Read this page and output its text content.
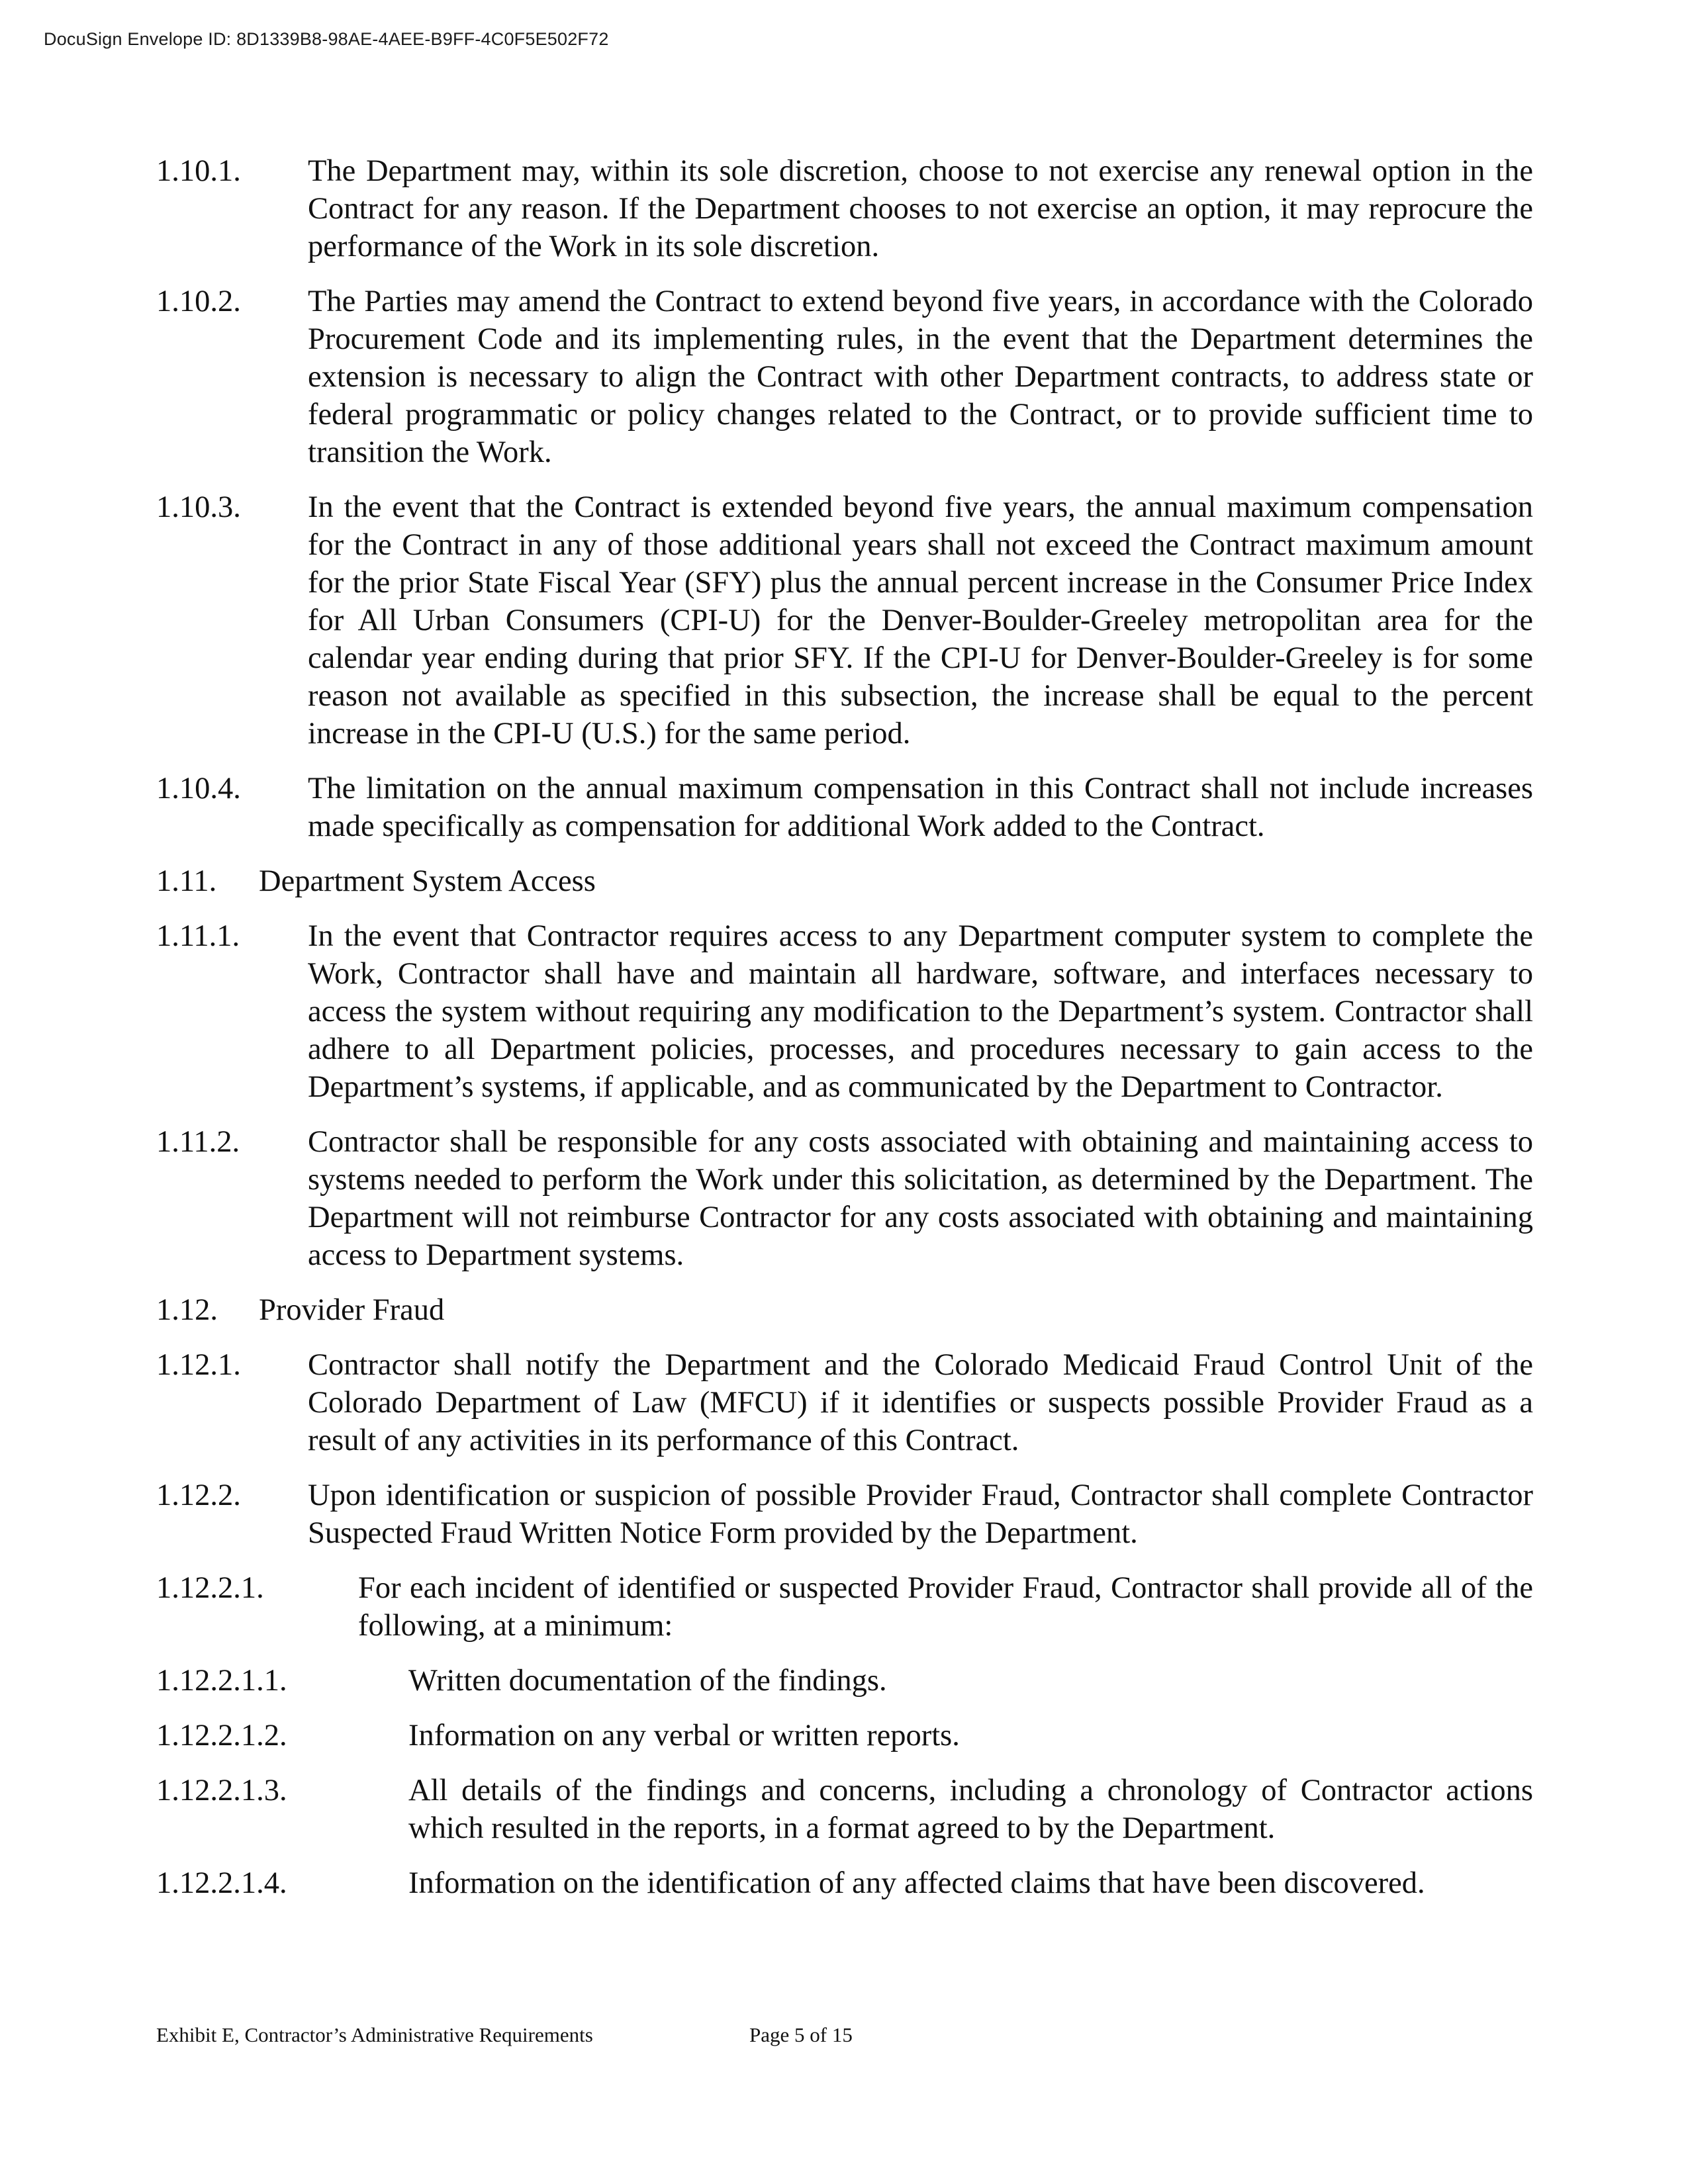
DocuSign Envelope ID: 8D1339B8-98AE-4AEE-B9FF-4C0F5E502F72
1.10.1. The Department may, within its sole discretion, choose to not exercise any renewal option in the Contract for any reason. If the Department chooses to not exercise an option, it may reprocure the performance of the Work in its sole discretion.
1.10.2. The Parties may amend the Contract to extend beyond five years, in accordance with the Colorado Procurement Code and its implementing rules, in the event that the Department determines the extension is necessary to align the Contract with other Department contracts, to address state or federal programmatic or policy changes related to the Contract, or to provide sufficient time to transition the Work.
1.10.3. In the event that the Contract is extended beyond five years, the annual maximum compensation for the Contract in any of those additional years shall not exceed the Contract maximum amount for the prior State Fiscal Year (SFY) plus the annual percent increase in the Consumer Price Index for All Urban Consumers (CPI-U) for the Denver-Boulder-Greeley metropolitan area for the calendar year ending during that prior SFY. If the CPI-U for Denver-Boulder-Greeley is for some reason not available as specified in this subsection, the increase shall be equal to the percent increase in the CPI-U (U.S.) for the same period.
1.10.4. The limitation on the annual maximum compensation in this Contract shall not include increases made specifically as compensation for additional Work added to the Contract.
1.11. Department System Access
1.11.1. In the event that Contractor requires access to any Department computer system to complete the Work, Contractor shall have and maintain all hardware, software, and interfaces necessary to access the system without requiring any modification to the Department’s system. Contractor shall adhere to all Department policies, processes, and procedures necessary to gain access to the Department’s systems, if applicable, and as communicated by the Department to Contractor.
1.11.2. Contractor shall be responsible for any costs associated with obtaining and maintaining access to systems needed to perform the Work under this solicitation, as determined by the Department. The Department will not reimburse Contractor for any costs associated with obtaining and maintaining access to Department systems.
1.12. Provider Fraud
1.12.1. Contractor shall notify the Department and the Colorado Medicaid Fraud Control Unit of the Colorado Department of Law (MFCU) if it identifies or suspects possible Provider Fraud as a result of any activities in its performance of this Contract.
1.12.2. Upon identification or suspicion of possible Provider Fraud, Contractor shall complete Contractor Suspected Fraud Written Notice Form provided by the Department.
1.12.2.1.	For each incident of identified or suspected Provider Fraud, Contractor shall provide all of the following, at a minimum:
1.12.2.1.1.	Written documentation of the findings.
1.12.2.1.2.	Information on any verbal or written reports.
1.12.2.1.3.	All details of the findings and concerns, including a chronology of Contractor actions which resulted in the reports, in a format agreed to by the Department.
1.12.2.1.4.	Information on the identification of any affected claims that have been discovered.
Exhibit E, Contractor’s Administrative Requirements	Page 5 of 15
